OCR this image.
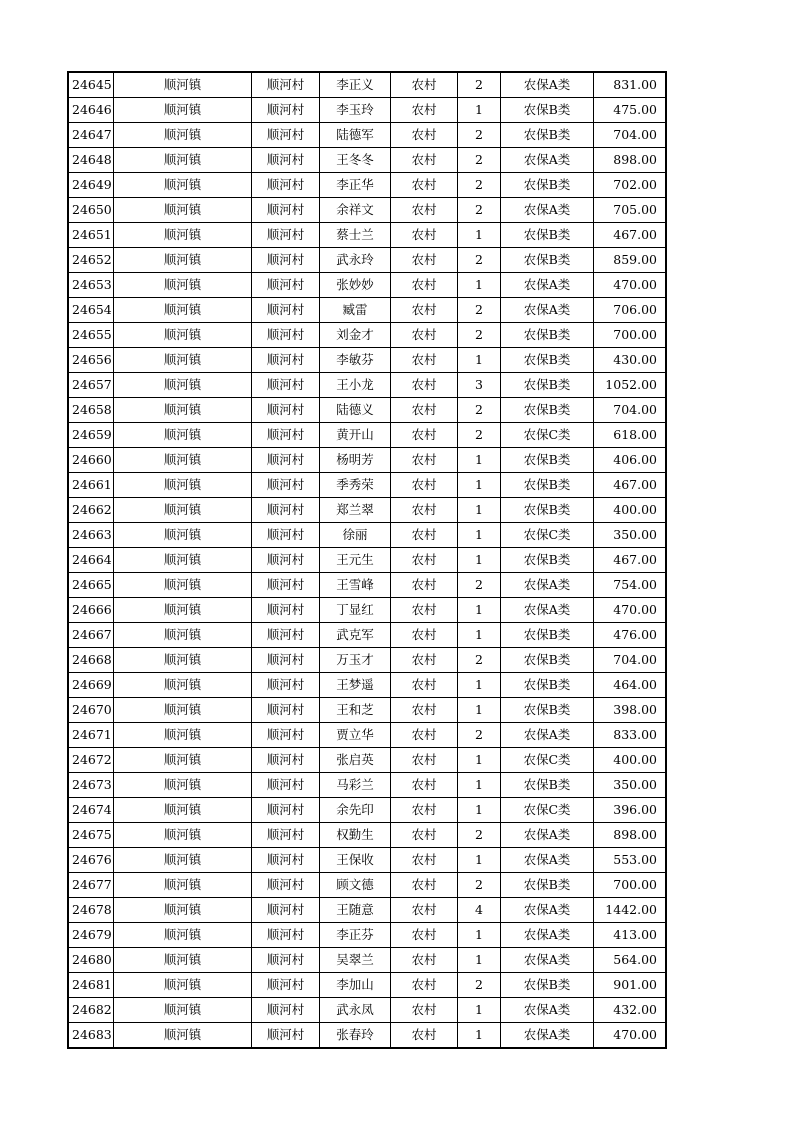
24645	顺河镇	顺河村	李正义	农村	2	农保A类	831.00
24646	顺河镇	顺河村	李玉玲	农村	1	农保B类	475.00
24647	顺河镇	顺河村	陆德军	农村	2	农保B类	704.00
24648	顺河镇	顺河村	王冬冬	农村	2	农保A类	898.00
24649	顺河镇	顺河村	李正华	农村	2	农保B类	702.00
24650	顺河镇	顺河村	余祥文	农村	2	农保A类	705.00
24651	顺河镇	顺河村	蔡士兰	农村	1	农保B类	467.00
24652	顺河镇	顺河村	武永玲	农村	2	农保B类	859.00
24653	顺河镇	顺河村	张妙妙	农村	1	农保A类	470.00
24654	顺河镇	顺河村	臧雷	农村	2	农保A类	706.00
24655	顺河镇	顺河村	刘金才	农村	2	农保B类	700.00
24656	顺河镇	顺河村	李敏芬	农村	1	农保B类	430.00
24657	顺河镇	顺河村	王小龙	农村	3	农保B类	1052.00
24658	顺河镇	顺河村	陆德义	农村	2	农保B类	704.00
24659	顺河镇	顺河村	黄开山	农村	2	农保C类	618.00
24660	顺河镇	顺河村	杨明芳	农村	1	农保B类	406.00
24661	顺河镇	顺河村	季秀荣	农村	1	农保B类	467.00
24662	顺河镇	顺河村	郑兰翠	农村	1	农保B类	400.00
24663	顺河镇	顺河村	徐丽	农村	1	农保C类	350.00
24664	顺河镇	顺河村	王元生	农村	1	农保B类	467.00
24665	顺河镇	顺河村	王雪峰	农村	2	农保A类	754.00
24666	顺河镇	顺河村	丁显红	农村	1	农保A类	470.00
24667	顺河镇	顺河村	武克军	农村	1	农保B类	476.00
24668	顺河镇	顺河村	万玉才	农村	2	农保B类	704.00
24669	顺河镇	顺河村	王梦遥	农村	1	农保B类	464.00
24670	顺河镇	顺河村	王和芝	农村	1	农保B类	398.00
24671	顺河镇	顺河村	贾立华	农村	2	农保A类	833.00
24672	顺河镇	顺河村	张启英	农村	1	农保C类	400.00
24673	顺河镇	顺河村	马彩兰	农村	1	农保B类	350.00
24674	顺河镇	顺河村	余先印	农村	1	农保C类	396.00
24675	顺河镇	顺河村	权勤生	农村	2	农保A类	898.00
24676	顺河镇	顺河村	王保收	农村	1	农保A类	553.00
24677	顺河镇	顺河村	顾文德	农村	2	农保B类	700.00
24678	顺河镇	顺河村	王随意	农村	4	农保A类	1442.00
24679	顺河镇	顺河村	李正芬	农村	1	农保A类	413.00
24680	顺河镇	顺河村	吴翠兰	农村	1	农保A类	564.00
24681	顺河镇	顺河村	李加山	农村	2	农保B类	901.00
24682	顺河镇	顺河村	武永凤	农村	1	农保A类	432.00
24683	顺河镇	顺河村	张春玲	农村	1	农保A类	470.00
